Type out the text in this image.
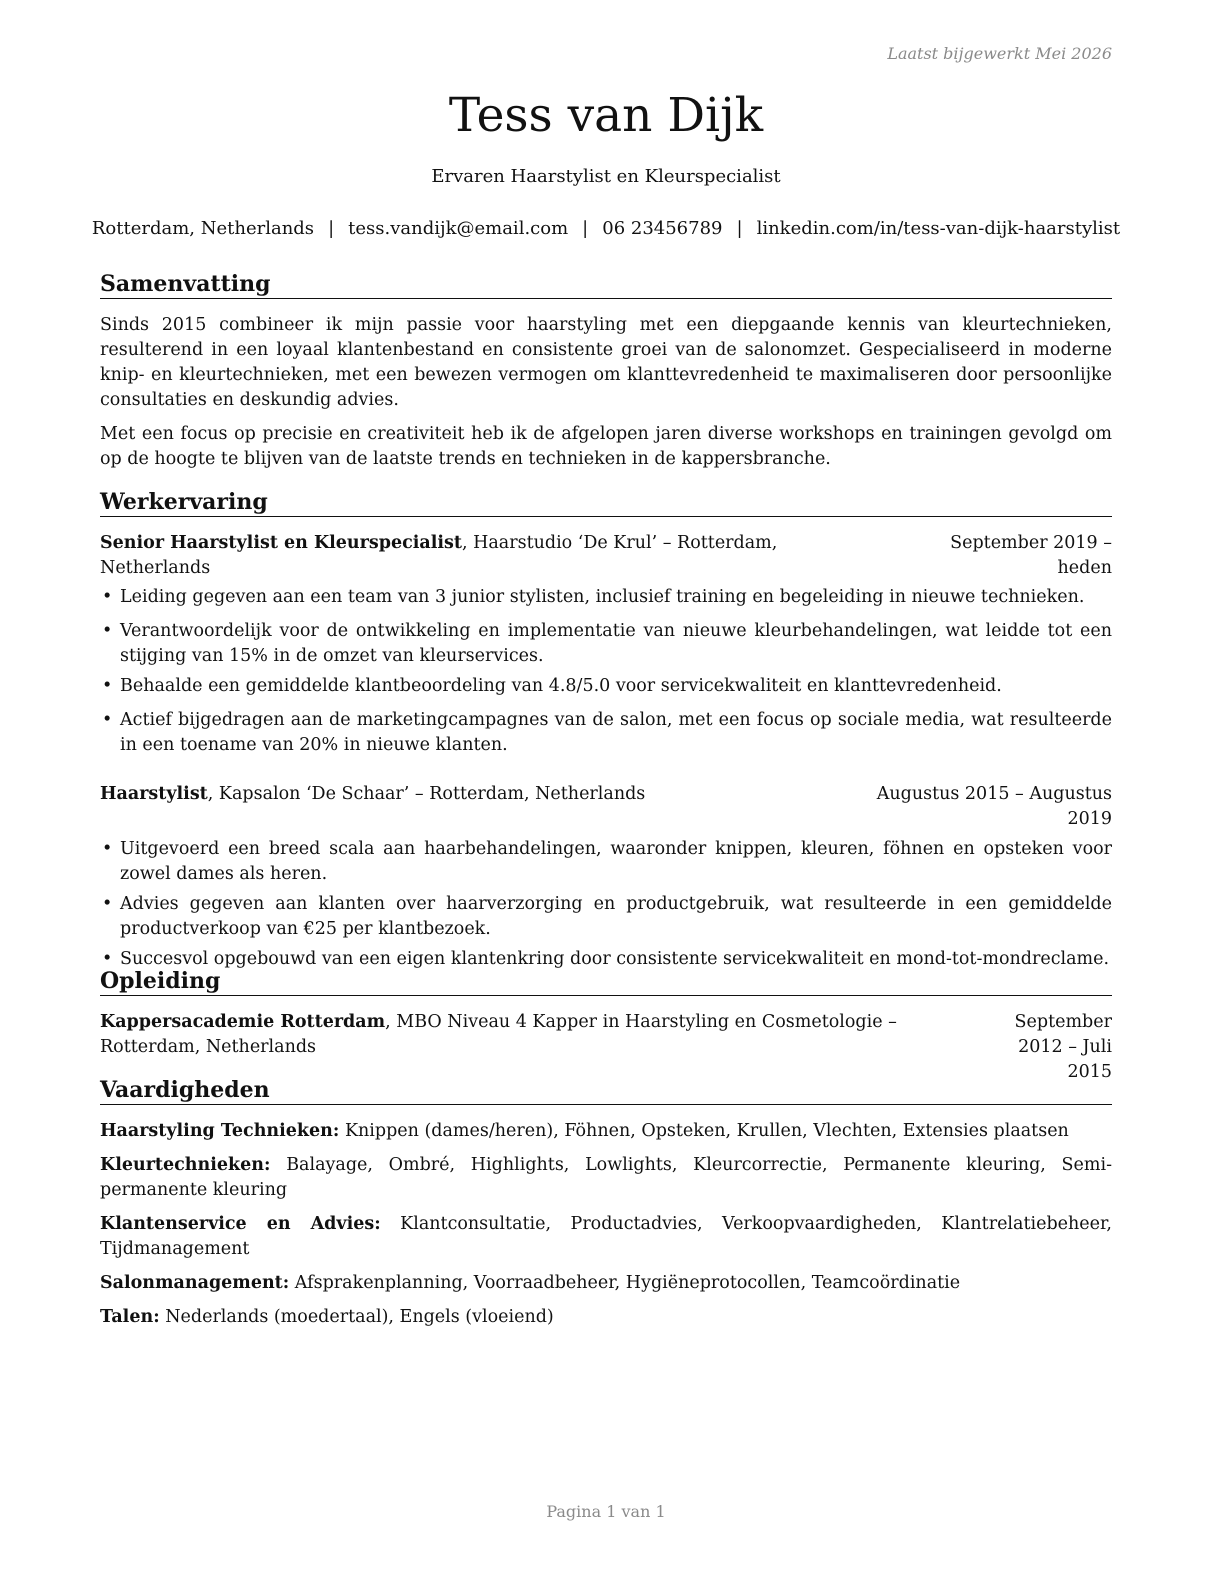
Laatst bijgewerkt Mei 2026
Tess van Dijk
Ervaren Haarstylist en Kleurspecialist
Rotterdam, Netherlands | tess.vandijk@email.com | 06 23456789 | linkedin.com/in/tess-van-dijk-haarstylist
Samenvatting

Sinds 2015 combineer ik mijn passie voor haarstyling met een diepgaande kennis van kleurtechnieken, resulterend in een loyaal klantenbestand en consistente groei van de salonomzet. Gespecialiseerd in moderne knip- en kleurtechnieken, met een bewezen vermogen om klanttevredenheid te maximaliseren door persoonlijke consultaties en deskundig advies.

Met een focus op precisie en creativiteit heb ik de afgelopen jaren diverse workshops en trainingen gevolgd om op de hoogte te blijven van de laatste trends en technieken in de kappersbranche.

Werkervaring
Senior Haarstylist en Kleurspecialist, Haarstudio ‘De Krul’ – Rotterdam, Netherlands
September 2019 – heden
• Leiding gegeven aan een team van 3 junior stylisten, inclusief training en begeleiding in nieuwe technieken.
• Verantwoordelijk voor de ontwikkeling en implementatie van nieuwe kleurbehandelingen, wat leidde tot een stijging van 15% in de omzet van kleurservices.
• Behaalde een gemiddelde klantbeoordeling van 4.8/5.0 voor servicekwaliteit en klanttevredenheid.
• Actief bijgedragen aan de marketingcampagnes van de salon, met een focus op sociale media, wat resulteerde in een toename van 20% in nieuwe klanten.
Haarstylist, Kapsalon ‘De Schaar’ – Rotterdam, Netherlands	Augustus 2015 – Augustus 2019
• Uitgevoerd een breed scala aan haarbehandelingen, waaronder knippen, kleuren, föhnen en opsteken voor zowel dames als heren.
• Advies gegeven aan klanten over haarverzorging en productgebruik, wat resulteerde in een gemiddelde productverkoop van €25 per klantbezoek.
• Succesvol opgebouwd van een eigen klantenkring door consistente servicekwaliteit en mond-tot-mondreclame.
Opleiding
Kappersacademie Rotterdam, MBO Niveau 4 Kapper in Haarstyling en Cosmetologie – Rotterdam, Netherlands
September 2012 – Juli 2015
Vaardigheden

Haarstyling Technieken: Knippen (dames/heren), Föhnen, Opsteken, Krullen, Vlechten, Extensies plaatsen

Kleurtechnieken: Balayage, Ombré, Highlights, Lowlights, Kleurcorrectie, Permanente kleuring, Semi-permanente kleuring

Klantenservice en Advies: Klantconsultatie, Productadvies, Verkoopvaardigheden, Klantrelatiebeheer, Tijdmanagement

Salonmanagement: Afsprakenplanning, Voorraadbeheer, Hygiëneprotocollen, Teamcoördinatie

Talen: Nederlands (moedertaal), Engels (vloeiend)

Pagina 1 van 1
